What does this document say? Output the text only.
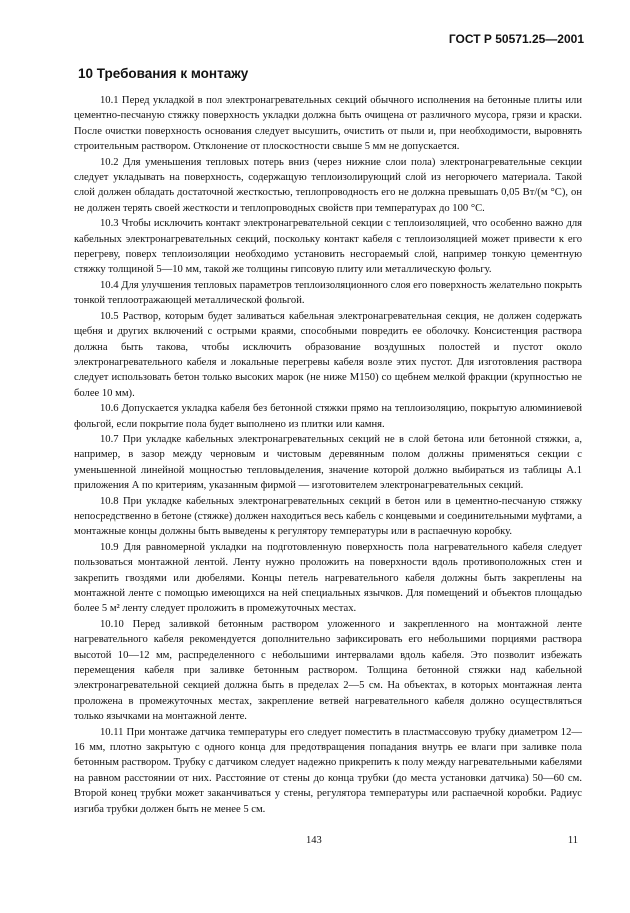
ГОСТ Р 50571.25—2001
10 Требования к монтажу

10.1 Перед укладкой в пол электронагревательных секций обычного исполнения на бетонные плиты или цементно-песчаную стяжку поверхность укладки должна быть очищена от различного мусора, грязи и краски. После очистки поверхность основания следует высушить, очистить от пыли и, при необходимости, выровнять строительным раствором. Отклонение от плоскостности свыше 5 мм не допускается.

10.2 Для уменьшения тепловых потерь вниз (через нижние слои пола) электронагревательные секции следует укладывать на поверхность, содержащую теплоизолирующий слой из негорючего материала. Такой слой должен обладать достаточной жесткостью, теплопроводность его не должна превышать 0,05 Вт/(м °С), он не должен терять своей жесткости и теплопроводных свойств при температурах до 100 °С.

10.3 Чтобы исключить контакт электронагревательной секции с теплоизоляцией, что особенно важно для кабельных электронагревательных секций, поскольку контакт кабеля с теплоизоляцией может привести к его перегреву, поверх теплоизоляции необходимо установить несгораемый слой, например тонкую цементную стяжку толщиной 5—10 мм, такой же толщины гипсовую плиту или металлическую фольгу.

10.4 Для улучшения тепловых параметров теплоизоляционного слоя его поверхность желательно покрыть тонкой теплоотражающей металлической фольгой.

10.5 Раствор, которым будет заливаться кабельная электронагревательная секция, не должен содержать щебня и других включений с острыми краями, способными повредить ее оболочку. Консистенция раствора должна быть такова, чтобы исключить образование воздушных полостей и пустот около электронагревательного кабеля и локальные перегревы кабеля возле этих пустот. Для изготовления раствора следует использовать бетон только высоких марок (не ниже М150) со щебнем мелкой фракции (крупностью не более 10 мм).

10.6 Допускается укладка кабеля без бетонной стяжки прямо на теплоизоляцию, покрытую алюминиевой фольгой, если покрытие пола будет выполнено из плитки или камня.

10.7 При укладке кабельных электронагревательных секций не в слой бетона или бетонной стяжки, а, например, в зазор между черновым и чистовым деревянным полом должны применяться секции с уменьшенной линейной мощностью тепловыделения, значение которой должно выбираться из таблицы А.1 приложения А по критериям, указанным фирмой — изготовителем электронагревательных секций.

10.8 При укладке кабельных электронагревательных секций в бетон или в цементно-песчаную стяжку непосредственно в бетоне (стяжке) должен находиться весь кабель с концевыми и соединительными муфтами, а монтажные концы должны быть выведены к регулятору температуры или в распаечную коробку.

10.9 Для равномерной укладки на подготовленную поверхность пола нагревательного кабеля следует пользоваться монтажной лентой. Ленту нужно проложить на поверхности вдоль противоположных стен и закрепить гвоздями или дюбелями. Концы петель нагревательного кабеля должны быть закреплены на монтажной ленте с помощью имеющихся на ней специальных язычков. Для помещений и объектов площадью более 5 м² ленту следует проложить в промежуточных местах.

10.10 Перед заливкой бетонным раствором уложенного и закрепленного на монтажной ленте нагревательного кабеля рекомендуется дополнительно зафиксировать его небольшими порциями раствора высотой 10—12 мм, распределенного с небольшими интервалами вдоль кабеля. Это позволит избежать перемещения кабеля при заливке бетонным раствором. Толщина бетонной стяжки над кабельной электронагревательной секцией должна быть в пределах 2—5 см. На объектах, в которых монтажная лента проложена в промежуточных местах, закрепление ветвей нагревательного кабеля должно осуществляться только язычками на монтажной ленте.

10.11 При монтаже датчика температуры его следует поместить в пластмассовую трубку диаметром 12—16 мм, плотно закрытую с одного конца для предотвращения попадания внутрь ее влаги при заливке пола бетонным раствором. Трубку с датчиком следует надежно прикрепить к полу между нагревательными кабелями на равном расстоянии от них. Расстояние от стены до конца трубки (до места установки датчика) 50—60 см. Второй конец трубки может заканчиваться у стены, регулятора температуры или распаечной коробки. Радиус изгиба трубки должен быть не менее 5 см.

143	11
